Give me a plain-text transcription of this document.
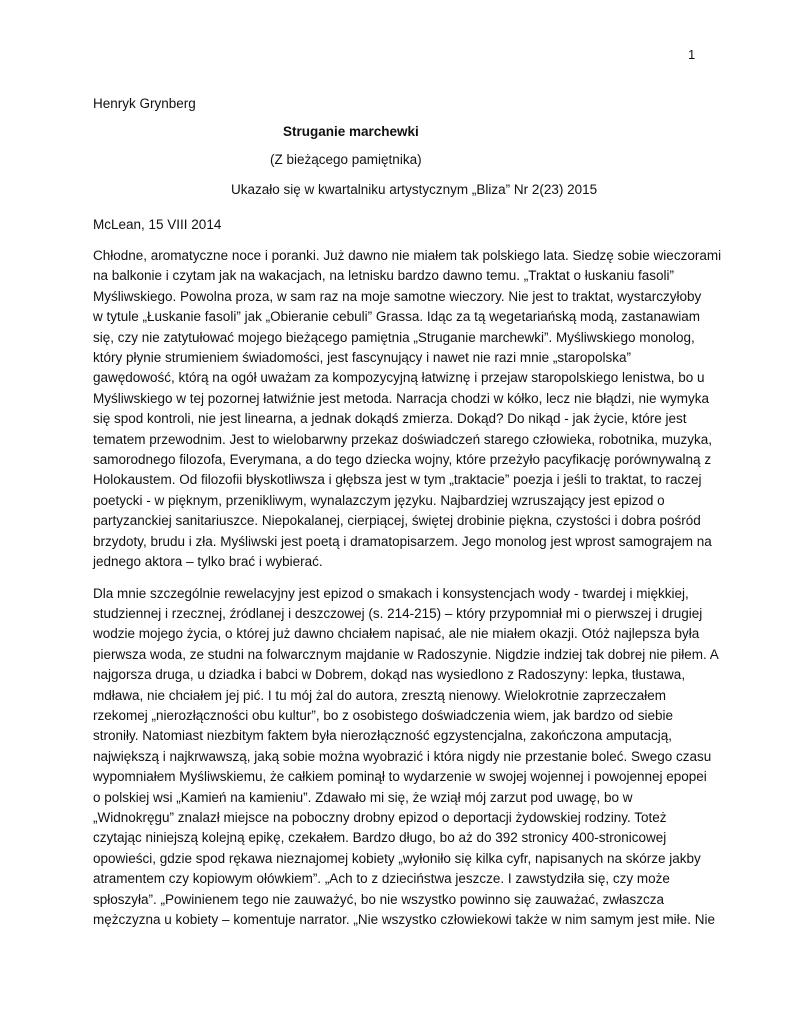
1
Henryk Grynberg
Struganie marchewki
(Z bieżącego pamiętnika)
Ukazało się w kwartalniku artystycznym „Bliza” Nr 2(23) 2015
McLean, 15 VIII 2014

Chłodne, aromatyczne noce i poranki. Już dawno nie miałem tak polskiego lata. Siedzę sobie wieczorami
na balkonie i czytam jak na wakacjach, na letnisku bardzo dawno temu. „Traktat o łuskaniu fasoli”
Myśliwskiego. Powolna proza, w sam raz na moje samotne wieczory. Nie jest to traktat, wystarczyłoby
w tytule „Łuskanie fasoli” jak „Obieranie cebuli” Grassa. Idąc za tą wegetariańską modą, zastanawiam
się, czy nie zatytułować mojego bieżącego pamiętnia „Struganie marchewki”. Myśliwskiego monolog,
który płynie strumieniem świadomości, jest fascynujący i nawet nie razi mnie „staropolska”
gawędowość, którą na ogół uważam za kompozycyjną łatwiznę i przejaw staropolskiego lenistwa, bo u
Myśliwskiego w tej pozornej łatwiźnie jest metoda. Narracja chodzi w kółko, lecz nie błądzi, nie wymyka
się spod kontroli, nie jest linearna, a jednak dokądś zmierza. Dokąd? Do nikąd - jak życie, które jest
tematem przewodnim. Jest to wielobarwny przekaz doświadczeń starego człowieka, robotnika, muzyka,
samorodnego filozofa, Everymana, a do tego dziecka wojny, które przeżyło pacyfikację porównywalną z
Holokaustem. Od filozofii błyskotliwsza i głębsza jest w tym „traktacie” poezja i jeśli to traktat, to raczej
poetycki - w pięknym, przenikliwym, wynalazczym języku. Najbardziej wzruszający jest epizod o
partyzanckiej sanitariuszce. Niepokalanej, cierpiącej, świętej drobinie piękna, czystości i dobra pośród
brzydoty, brudu i zła. Myśliwski jest poetą i dramatopisarzem. Jego monolog jest wprost samograjem na
jednego aktora – tylko brać i wybierać.

Dla mnie szczególnie rewelacyjny jest epizod o smakach i konsystencjach wody - twardej i miękkiej,
studziennej i rzecznej, źródlanej i deszczowej (s. 214-215) – który przypomniał mi o pierwszej i drugiej
wodzie mojego życia, o której już dawno chciałem napisać, ale nie miałem okazji. Otóż najlepsza była
pierwsza woda, ze studni na folwarcznym majdanie w Radoszynie. Nigdzie indziej tak dobrej nie piłem. A
najgorsza druga, u dziadka i babci w Dobrem, dokąd nas wysiedlono z Radoszyny: lepka, tłustawa,
mdława, nie chciałem jej pić. I tu mój żal do autora, zresztą nienowy. Wielokrotnie zaprzeczałem
rzekomej „nierozłączności obu kultur”, bo z osobistego doświadczenia wiem, jak bardzo od siebie
stroniły. Natomiast niezbitym faktem była nierozłączność egzystencjalna, zakończona amputacją,
największą i najkrwawszą, jaką sobie można wyobrazić i która nigdy nie przestanie boleć. Swego czasu
wypomniałem Myśliwskiemu, że całkiem pominął to wydarzenie w swojej wojennej i powojennej epopei
o polskiej wsi „Kamień na kamieniu”. Zdawało mi się, że wziął mój zarzut pod uwagę, bo w
„Widnokręgu” znalazł miejsce na poboczny drobny epizod o deportacji żydowskiej rodziny. Toteż
czytając niniejszą kolejną epikę, czekałem. Bardzo długo, bo aż do 392 stronicy 400-stronicowej
opowieści, gdzie spod rękawa nieznajomej kobiety „wyłoniło się kilka cyfr, napisanych na skórze jakby
atramentem czy kopiowym ołówkiem”. „Ach to z dzieciństwa jeszcze. I zawstydziła się, czy może
spłoszyła”. „Powinienem tego nie zauważyć, bo nie wszystko powinno się zauważać, zwłaszcza
mężczyzna u kobiety – komentuje narrator. „Nie wszystko człowiekowi także w nim samym jest miłe. Nie
